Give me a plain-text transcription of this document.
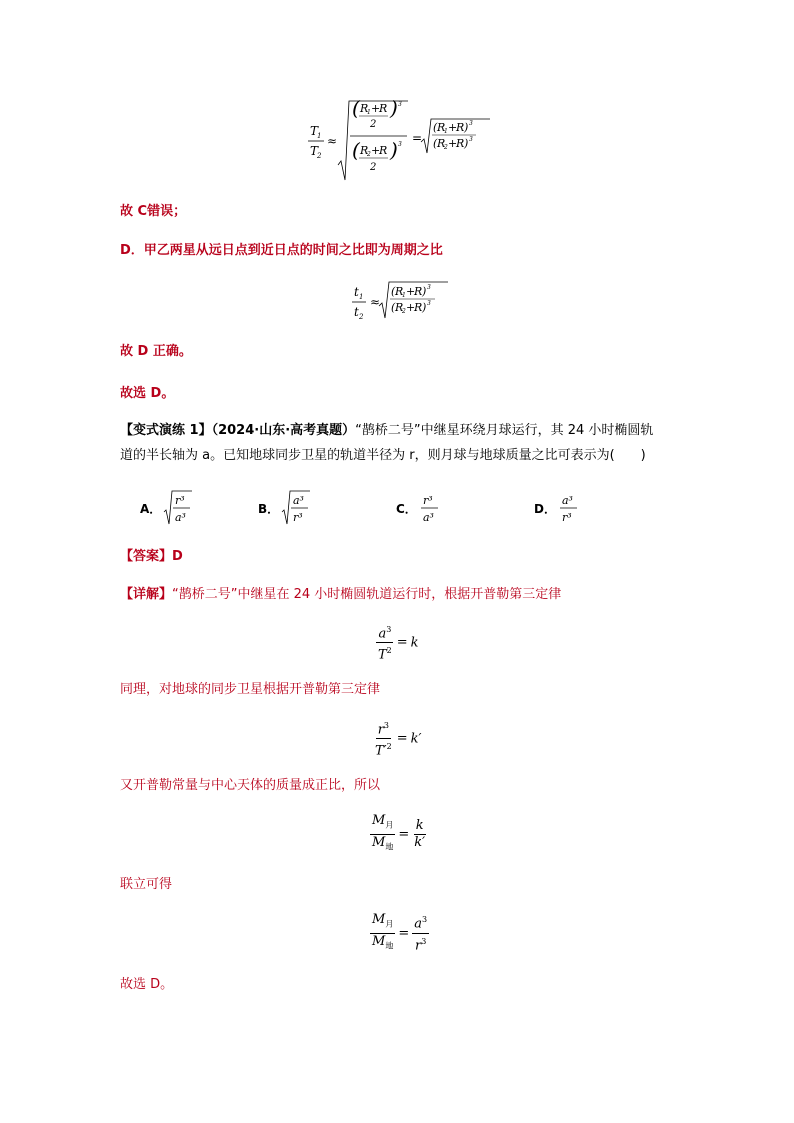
T
1
T
2
≈
( R
1 +
R
2
) 3
( R
2 +
R
2
) 3 =
( R
1 +
R ) 3
( R
2 +
R ) 3
故 C错误；
D．甲乙两星从远日点到近日点的时间之比即为周期之比
t 1
t 2
≈
( R
1 +
R ) 3
( R
2 +
R ) 3
故 D 正确。
故选 D。
【变式演练 1】（2024·山东·高考真题）“鹊桥二号”中继星环绕月球运行，其 24 小时椭圆轨
道的半长轴为 a。已知地球同步卫星的轨道半径为 r，则月球与地球质量之比可表示为(　　)
A．
r³
a³
B．
a³
r³
C．
r³
a³
D．
a³
r³
【答案】D
【详解】“鹊桥二号”中继星在 24 小时椭圆轨道运行时，根据开普勒第三定律
$\frac{a^3}{T^2} = k$
同理，对地球的同步卫星根据开普勒第三定律
$\frac{r^3}{T'^2} = k'$
又开普勒常量与中心天体的质量成正比，所以
$\frac{M_月}{M_地} = \frac{k}{k'}$
联立可得
$\frac{M_月}{M_地} = \frac{a^3}{r^3}$
故选 D。
